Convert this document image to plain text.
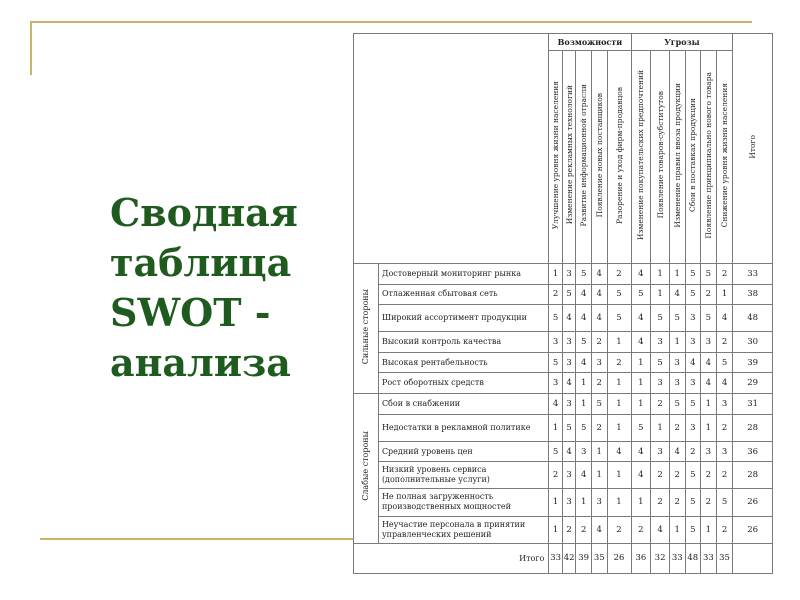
Сводная
таблица
SWOT -
анализа
		Возможности					Угрозы						Итого
		Улучшение уровня жизни населения	Изменение рекламных технологий	Развитие информационной отрасли	Появление новых поставщиков	Разорение и уход фирм-продавцов	Изменение покупательских предпочтений	Появление товаров-субститутов	Изменение правил ввоза продукции	Сбои в поставках продукции	Появление принципиально нового товара	Снижение уровня жизни населения	
Сильные стороны	Достоверный мониторинг рынка	1	3	5	4	2	4	1	1	5	5	2	33
	Отлаженная сбытовая сеть	2	5	4	4	5	5	1	4	5	2	1	38
	Широкий ассортимент продукции	5	4	4	4	5	4	5	5	3	5	4	48
	Высокий контроль качества	3	3	5	2	1	4	3	1	3	3	2	30
	Высокая рентабельность	5	3	4	3	2	1	5	3	4	4	5	39
	Рост оборотных средств	3	4	1	2	1	1	3	3	3	4	4	29
Слабые стороны	Сбои в снабжении	4	3	1	5	1	1	2	5	5	1	3	31
	Недостатки в рекламной политике	1	5	5	2	1	5	1	2	3	1	2	28
	Средний уровень цен	5	4	3	1	4	4	3	4	2	3	3	36
	Низкий уровень сервиса (дополнительные услуги)	2	3	4	1	1	4	2	2	5	2	2	28
	Не полная загруженность производственных мощностей	1	3	1	3	1	1	2	2	5	2	5	26
	Неучастие персонала в принятии управленческих решений	1	2	2	4	2	2	4	1	5	1	2	26
Итого		33	42	39	35	26	36	32	33	48	33	35	
